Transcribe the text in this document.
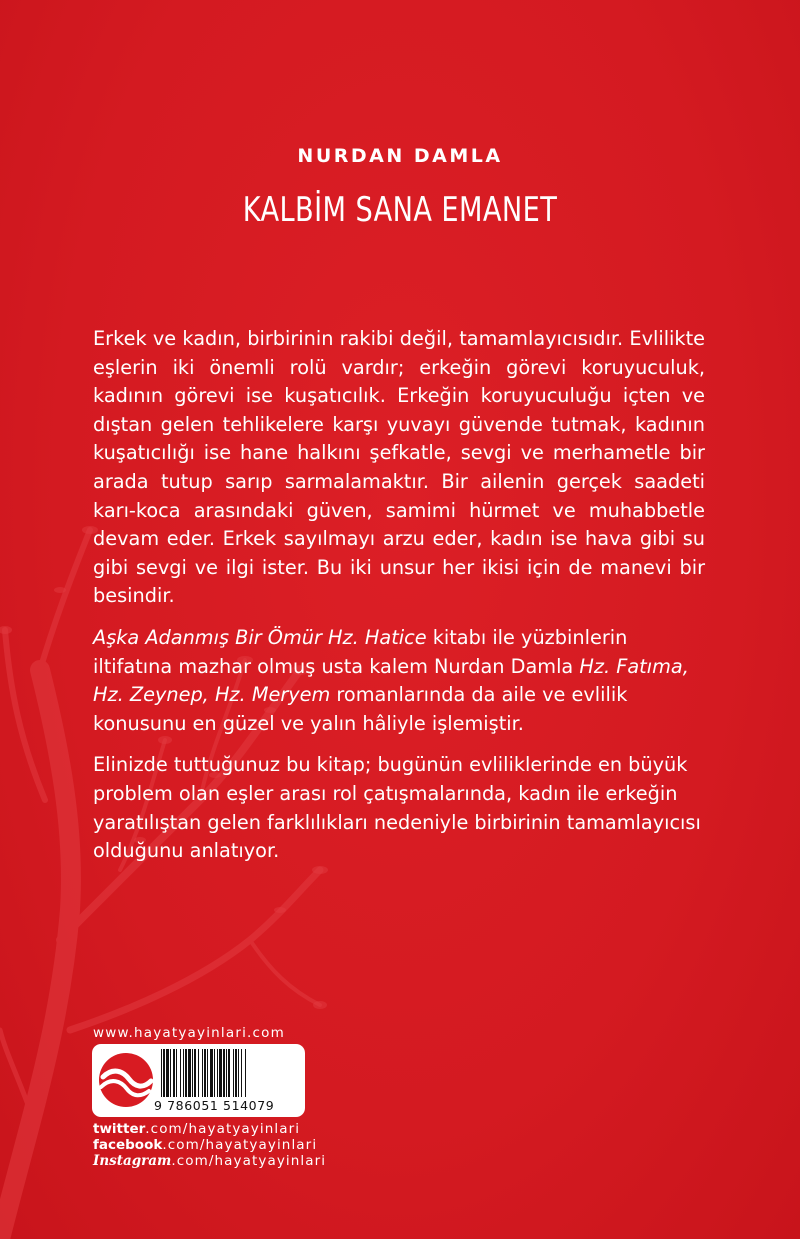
NURDAN DAMLA
KALBİM SANA EMANET

Erkek ve kadın, birbirinin rakibi değil, tamamlayıcısıdır. Evlilikte eşlerin iki önemli rolü vardır; erkeğin görevi koruyuculuk, kadının görevi ise kuşatıcılık. Erkeğin koruyuculuğu içten ve dıştan gelen tehlikelere karşı yuvayı güvende tutmak, kadının kuşatıcılığı ise hane halkını şefkatle, sevgi ve merhametle bir arada tutup sarıp sarmalamaktır. Bir ailenin gerçek saadeti karı-koca arasındaki güven, samimi hürmet ve muhabbetle devam eder. Erkek sayılmayı arzu eder, kadın ise hava gibi su gibi sevgi ve ilgi ister. Bu iki unsur her ikisi için de manevi bir besindir.

Aşka Adanmış Bir Ömür Hz. Hatice kitabı ile yüzbinlerin iltifatına mazhar olmuş usta kalem Nurdan Damla Hz. Fatıma, Hz. Zeynep, Hz. Meryem romanlarında da aile ve evlilik konusunu en güzel ve yalın hâliyle işlemiştir.

Elinizde tuttuğunuz bu kitap; bugünün evliliklerinde en büyük problem olan eşler arası rol çatışmalarında, kadın ile erkeğin yaratılıştan gelen farklılıkları nedeniyle birbirinin tamamlayıcısı olduğunu anlatıyor.

www.hayatyayinlari.com
9 786051 514079
twitter.com/hayatyayinlari
facebook.com/hayatyayinlari
Instagram.com/hayatyayinlari
